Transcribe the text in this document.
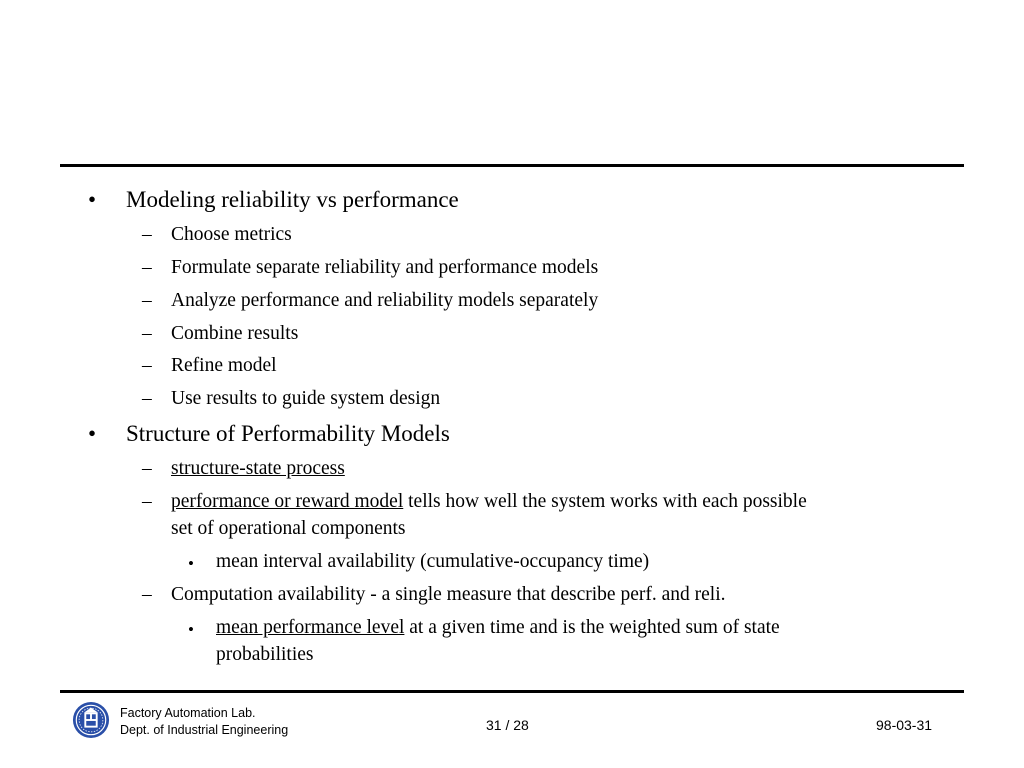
• Modeling reliability vs performance
– Choose metrics
– Formulate separate reliability and performance models
– Analyze performance and reliability models separately
– Combine results
– Refine model
– Use results to guide system design
• Structure of Performability Models
– structure-state process
– performance or reward model tells how well the system works with each possible
set of operational components
• mean interval availability (cumulative-occupancy time)
– Computation availability - a single measure that describe perf. and reli.
• mean performance level at a given time and is the weighted sum of state
probabilities
Factory Automation Lab.
Dept. of Industrial Engineering	31 / 28	98-03-31
